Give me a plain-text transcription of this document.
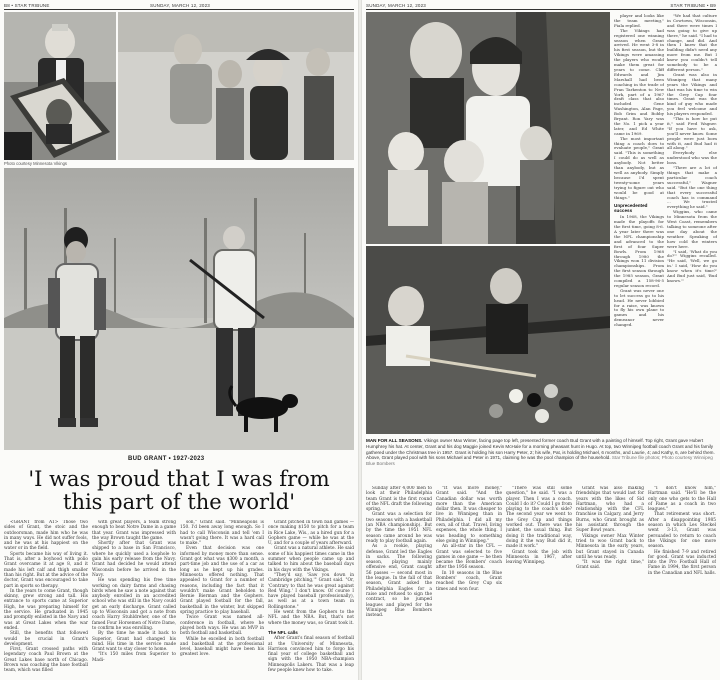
B8 • STAR TRIBUNE	SUNDAY, MARCH 12, 2023
Photo courtesy Minnesota Vikings
BUD GRANT • 1927-2023
'I was proud that I was from this part of the world'

<GRANT from A1> Those two sides of Grant, the stoic and the outdoorsman, made him who he was in many ways. He did not suffer fools, and he was at his happiest on the water or in the field.

Sports became his way of living it. That is, after a boyhood with polio Grant overcame it at age 8, and it made his left calf and thigh smaller than his right. But at the advice of the doctor, Grant was encouraged to take part in sports so therapy.

In the years to come Grant, though skinny, grew strong and tall. His entrance to sports came at Superior High, he was preparing himself for the service. He graduated in 1945 and promptly enlisted in the Navy and was at Great Lakes when the war ended.

Still, the benefits that followed would be crucial in Grant's development.

First, Grant crossed paths with legendary coach Paul Brown at the Great Lakes base north of Chicago. Brown was coaching the base football team, which was filled

with great players, a team strong enough to beat Notre Dame in a game that year. Grant was impressed with the way Brown taught the game.

Shortly after that Grant was shipped to a base in San Francisco, where he quickly used a loophole to gain his early release from the Navy. Grant had decided he would attend Wisconsin before he arrived in the Navy.

He was spending his free time working on dairy farms and chasing birds when he saw a note against that anybody enrolled in an accredited school who was still in the Navy could get an early discharge. Grant called up to Wisconsin and got a note from coach Harry Stuhldreher, one of the famed Four Horsemen of Notre Dame, to confirm he was enrolling.

By the time he made it back to Superior, Grant had changed his mind. His time in the service made Grant want to stay closer to home.

"It's 150 miles from Superior to Madi-

son," Grant said. "Minneapolis is 150. I'd been away long enough. So I had to call Wisconsin and tell 'em I wasn't going there. It was a hard call to make."

Even that decision was one informed by money more than sense. Grant got what was $300 a month, a part-time job and the use of a car as long as he kept up his grades. Minnesota offered nothing. That appealed to Grant for a number of reasons, including the fact that it wouldn't make Grant beholden to Bernie Bierman and the Gophers. Grant played football for the fall, basketball in the winter, but skipped spring practice to play baseball.

Twice Grant was named all-conference in football, where he played both ways. He was an MVP in both football and basketball.

While he excelled in both football and basketball at the professional level, baseball might have been his greatest love.

Grant pitched in town ball games — once making $150 to pitch for a team in Rice Lake, Wis., as a hired gun for a Gophers game — while he was at the U, and for a couple of years afterward.

Grant was a natural athlete. He said some of his happiest times came in the summer when people came up and talked to him about the baseball days in his days with the Vikings.

"They'd say, 'Saw you down in Cambridge pitching,'" Grant said. "Or, 'Contrary to that he was great against Red Wing.' I don't know. Of course I have played baseball (professionally), as well as at a town team in Rollingstone."

He went from the Gophers to the NFL and the NBA. But, that's not where the money was, so Grant took it.

The NFL calls

After Grant's final season of football at the University of Minnesota, Harrison convinced him to forgo his final year of college basketball and sign with the 1950 NBA-champion Minneapolis Lakers. That was a leap few people knew how to take.

SUNDAY, MARCH 12, 2023	STAR TRIBUNE • B9

player and looks like the team meeting," Fiala replied.

The Vikings had registered one winning season when Grant arrived. He went 3-8 in his first season, but the Vikings were amassing the players who would make them great for years to come. Cliff Edwards and Jim Marshall had been coaching in the trade of Fran Tarkenton to New York, part of a 1967 draft class that also included Gene Washington, Alan Page, Bob Grim and Bobby Bryant. Ron Yary was the No. 1 pick a year later, and Ed White came in 1969.

The most important thing a coach does to evaluate people," Grant said. "This is something I could do as well as anybody. Not better than anybody, but as well as anybody. Simply because I'd spent twenty-some years trying to figure out who would be good at things."

Unprecedented success

In 1968, the Vikings made the playoffs for the first time, going 8-6. A year later there was the NFL championship and advanced to the first of four Super Bowls. From 1968 through 1980 the Vikings won 11 division championships. From the first season through the 1985 season, Grant compiled a 158-96-5 regular season record.

Grant was never one to let success go to his head. He never lobbied for a raise, was known to fly his own plane to games and his demeanor never changed.

"We had that culture in Cowtown, Wisconsin, and there were times I was going to give up there," he said. "I had to change, and did. And then I knew that the building didn't need any more from me. But I knew you couldn't tell somebody to be a different person."

Grant was also in Winnipeg that many years the Vikings and that was his time to win the Grey Cup four times. Grant was the kind of guy who made you feel welcome and his players responded.

"This is how he put it," said Fred Wagner. "If you have to ask, you'll never know. Some people were just born with it, and Bud had it all along."

Everybody else understood who was the boss.

"There are a lot of things that make a particular coach successful," Wagner said. "But the one thing that every successful coach has is command ... We trusted everything he said."

Wiggins, who came to Minnesota from the West Coast, remembers talking to someone after one day about the weather. Speaking of how cold the winters were here.

"I said, 'What do you do?'" Wiggins recalled. "He said, 'Well, we go in.' I said, 'How do you know when it's time?' And Bud just said, 'Bud knows.'"

MAN FOR ALL SEASONS. Vikings owner Max Winter, facing page top left, presented former coach Bud Grant with a painting of himself. Top right, Grant gave Hubert Humphrey his hat. At center, Grant and his dog Maggie joined Kevin McHale for a morning pheasant hunt in Hugo. At top, two Winnipeg football coach Grant and his family gathered under the Christmas tree in 1957. Grant is holding his son Harry Peter, 2; his wife, Pat, is holding Michael, 6 months, and Laurie, 4; and Kathy, 6, are behind them. Above, Grant played pool with his sons Michael and Peter in 1971, claiming he was the pool champion of the household. Star Tribune file photos; Photo courtesy Winnipeg Blue Bombers

Sunday after 4,000 men to look at their Philadelphia team Grant is the first round of the NFL draft the following spring.

Grant was a selection for two seasons with a basketball (an NBA championship). But by the time the 1951 NFL season came around he was ready to play football again.

As a rookie, playing defense, Grant led the Eagles in sacks. The following season, playing mainly offensive end, Grant caught 56 passes — second most in the league. In the fall of that season, Grant asked the Philadelphia Eagles for a raise and refused to sign the contract, so he jumped leagues and played for the Winnipeg Blue Bombers instead.

"It was more money," Grant said. "And the Canadian dollar was worth more than the American dollar then. It was cheaper to live in Winnipeg than in Philadelphia. I did all my own, all of that. Travel, living expenses, the whole thing. I was heading to something else going in Winnipeg."

An all-star in the CFL — Grant was selected to five games in one game — he then became the Bombers' coach after the 1956 season.

In 10 seasons in the Blue Bombers' coach, Grant reached the Grey Cup six times and won four.

"There was still some question," he said. "I was a player. Then I was a coach. Could I do it? Could I go from playing to the coach's side? The second year we went to the Grey Cup and things worked out. There was the junket, the usual thing. But doing it the traditional way, doing it the way Bud did it, made it work."

Grant took the job with Minnesota in 1967, after leaving Winnipeg.

Grant was also making friendships that would last for years with the likes of Sid Hartman, who had a relationship with the CFL franchise in Calgary, and Jerry Burns, who Grant brought as his assistant through the Super Bowl years.

Vikings owner Max Winter tried to woo Grant back to Minnesota in the early years, but Grant stayed in Canada until he was ready.

"It was the right time," Grant said.

"I don't know him," Hartman said. "He'll be the only one who gets to the Hall of Fame as a coach in two leagues."

That retirement was short. After a disappointing 1985 season in which Les Steckel went 3-13, Grant was persuaded to return to coach the Vikings for one more season.

He finished 7-9 and retired for good. Grant was inducted into the Pro Football Hall of Fame in 1994, the first person in the Canadian and NFL halls.
